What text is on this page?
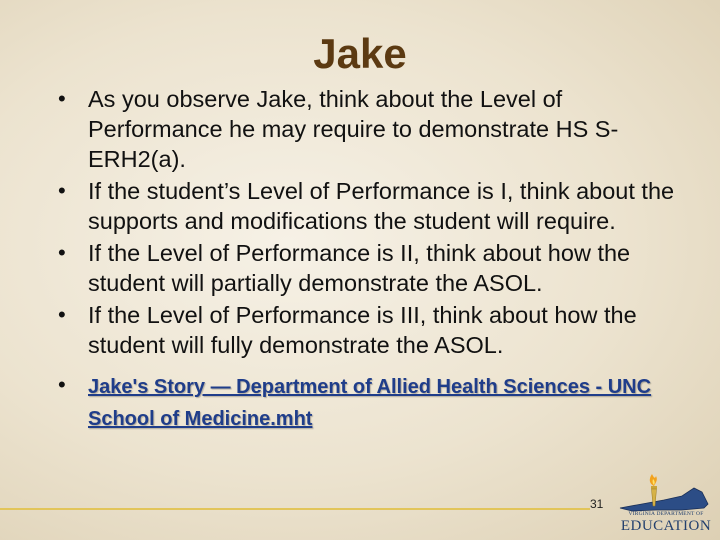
Jake
• As you observe Jake, think about the Level of Performance he may require to demonstrate HS S-ERH2(a).
• If the student’s Level of Performance is I, think about the supports and modifications the student will require.
• If the Level of Performance is II, think about how the student will partially demonstrate the ASOL.
• If the Level of Performance is III, think about how the student will fully demonstrate the ASOL.
• Jake's Story — Department of Allied Health Sciences - UNC School of Medicine.mht
31
VIRGINIA DEPARTMENT OF
EDUCATION
